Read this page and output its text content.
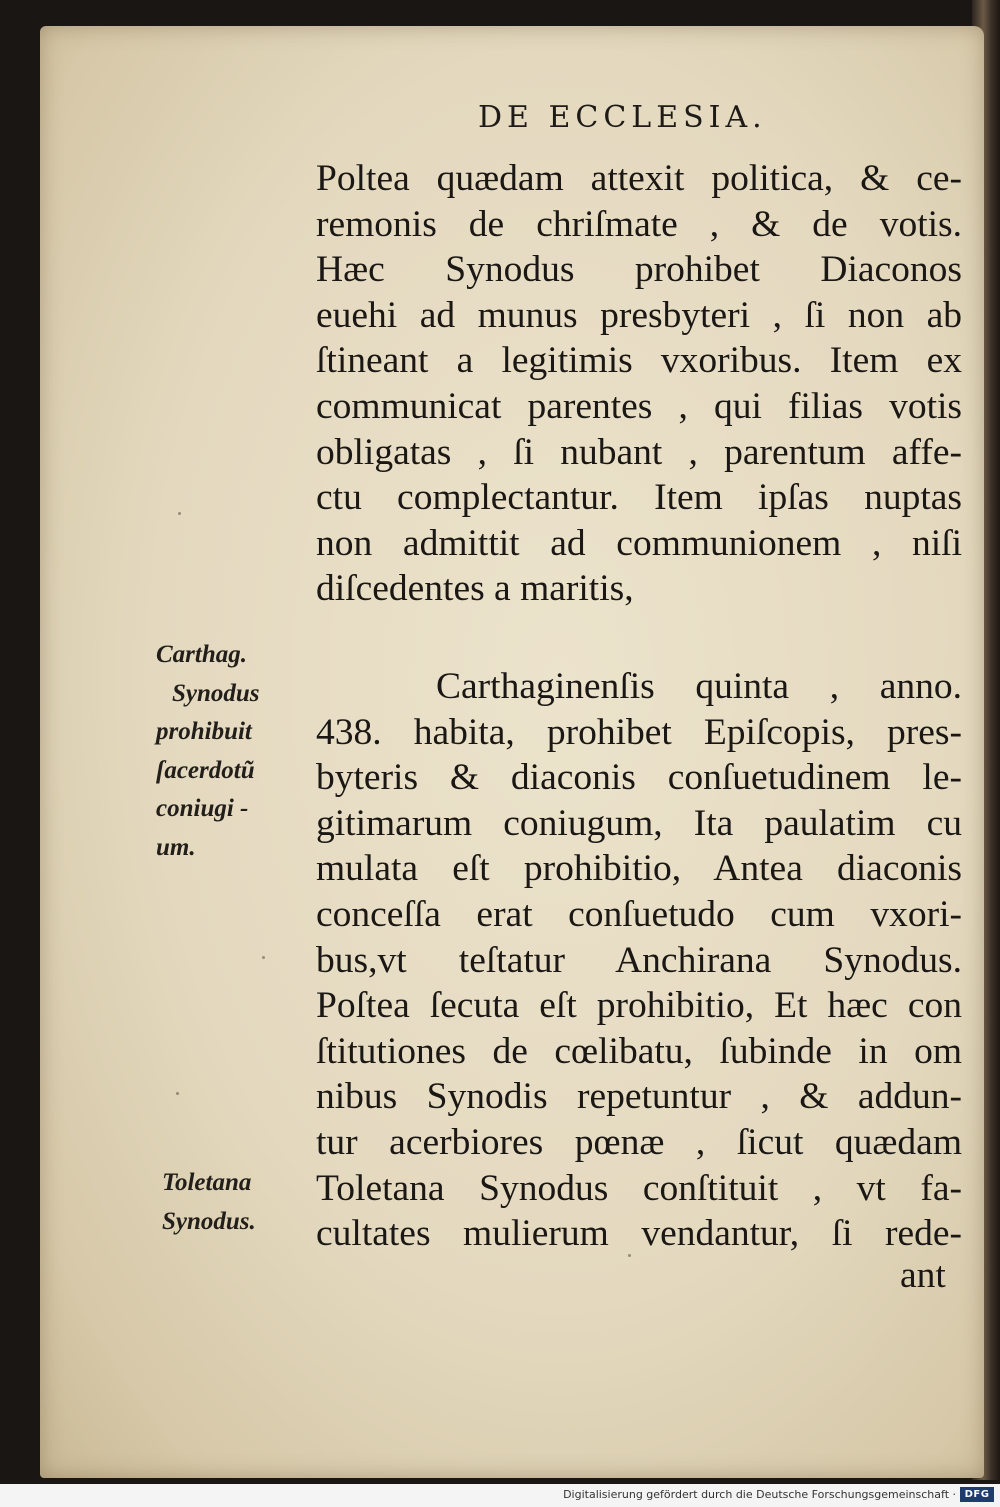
DE ECCLESIA.
Poltea quædam attexit politica, & ce-
remonis de chriſmate , & de votis.
Hæc Synodus prohibet Diaconos
euehi ad munus presbyteri , ſi non ab
ſtineant a legitimis vxoribus. Item ex
communicat parentes , qui filias votis
obligatas , ſi nubant , parentum affe-
ctu complectantur. Item ipſas nuptas
non admittit ad communionem , niſi
diſcedentes a maritis,
Carthaginenſis quinta , anno.
438. habita, prohibet Epiſcopis, pres-
byteris & diaconis conſuetudinem le-
gitimarum coniugum, Ita paulatim cu
mulata eſt prohibitio, Antea diaconis
conceſſa erat conſuetudo cum vxori-
bus,vt teſtatur Anchirana Synodus.
Poſtea ſecuta eſt prohibitio, Et hæc con
ſtitutiones de cœlibatu, ſubinde in om
nibus Synodis repetuntur , & addun-
tur acerbiores pœnæ , ſicut quædam
Toletana Synodus conſtituit , vt fa-
cultates mulierum vendantur, ſi rede-
ant
Carthag.
Synodus
prohibuit
ſacerdotũ
coniugi -
um.
Toletana
Synodus.
Digitalisierung gefördert durch die Deutsche Forschungsgemeinschaft · DFG
